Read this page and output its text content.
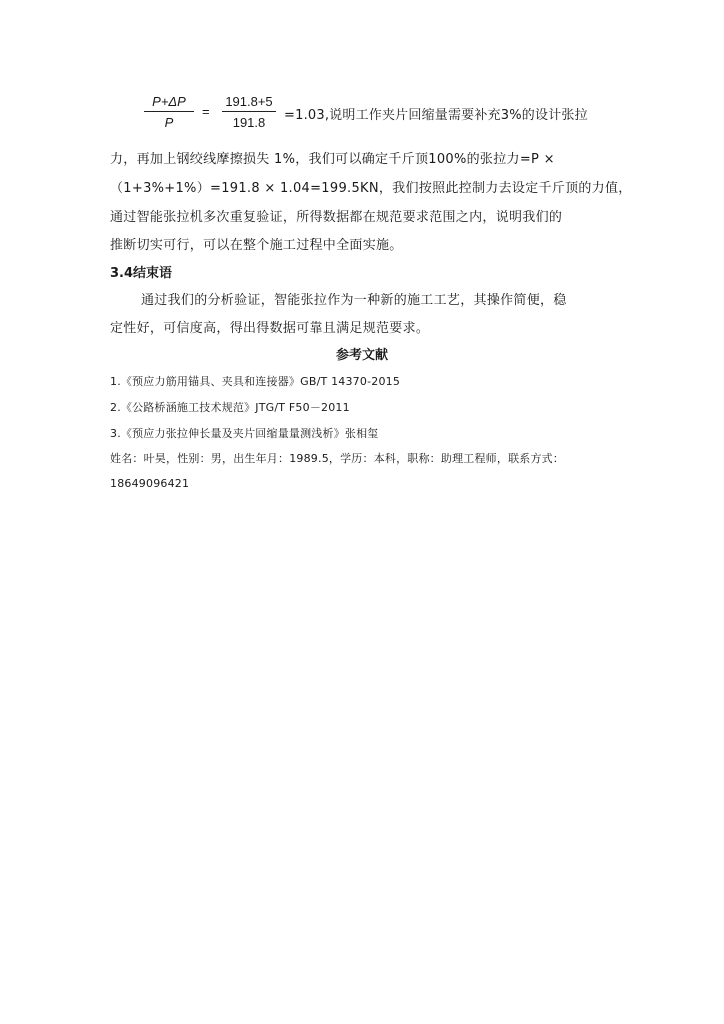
P+ΔP
P
=
191.8+5
191.8 =1.03,说明工作夹片回缩量需要补充3%的设计张拉
力，再加上钢绞线摩擦损失 1%，我们可以确定千斤顶100%的张拉力=P ×
（1+3%+1%）=191.8 × 1.04=199.5KN，我们按照此控制力去设定千斤顶的力值，
通过智能张拉机多次重复验证，所得数据都在规范要求范围之内，说明我们的
推断切实可行，可以在整个施工过程中全面实施。
3.4结束语
通过我们的分析验证，智能张拉作为一种新的施工工艺，其操作简便，稳
定性好，可信度高，得出得数据可靠且满足规范要求。
参考文献
1.《预应力筋用锚具、夹具和连接器》GB/T 14370-2015
2.《公路桥涵施工技术规范》JTG/T F50－2011
3.《预应力张拉伸长量及夹片回缩量量测浅析》张相玺
姓名：叶昊，性别：男，出生年月：1989.5，学历：本科，职称：助理工程师，联系方式：
18649096421
